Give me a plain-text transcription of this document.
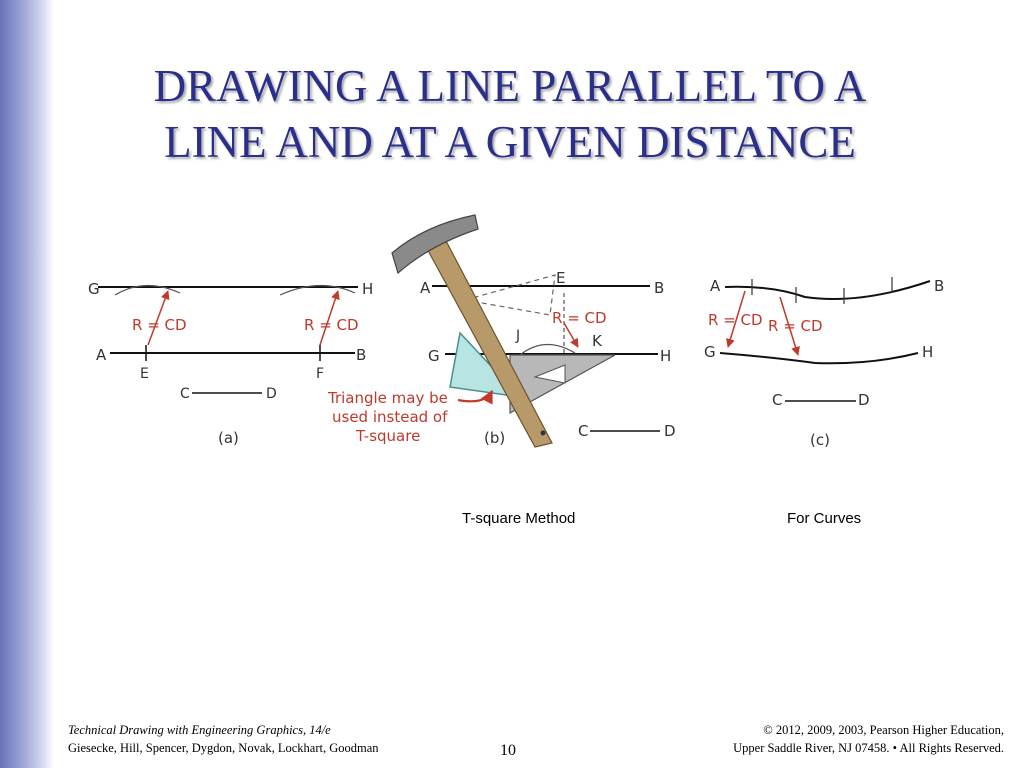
DRAWING A LINE PARALLEL TO A
LINE AND AT A GIVEN DISTANCE
G	H
A	B
E	F
C	D
R = CD	R = CD
(a)
A	B
E
G	H
J	K
C	D
R = CD
Triangle may be
used instead of
T-square	(b)
A	B
G	H
C	D
R = CD R = CD
(c)
T-square Method	For Curves
Technical Drawing with Engineering Graphics, 14/e
Giesecke, Hill, Spencer, Dygdon, Novak, Lockhart, Goodman	10
© 2012, 2009, 2003, Pearson Higher Education,
Upper Saddle River, NJ 07458. • All Rights Reserved.
